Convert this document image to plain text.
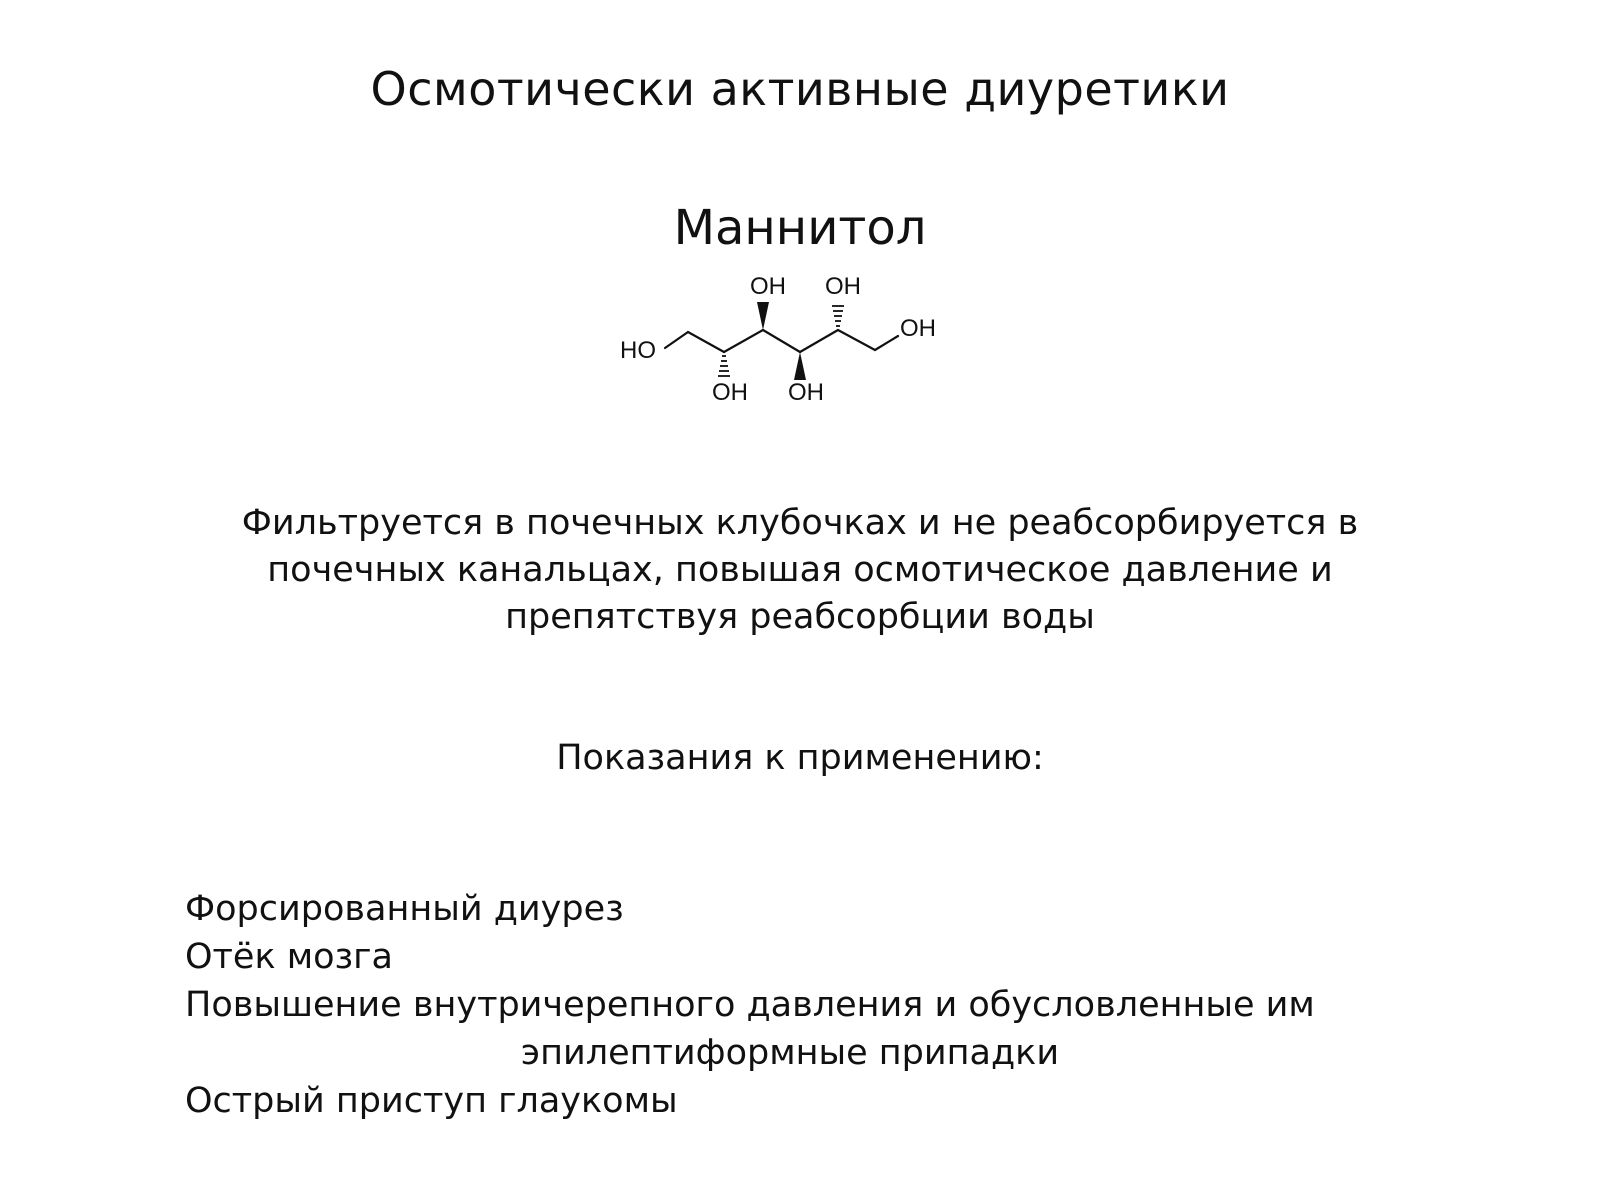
Осмотически активные диуретики
Маннитол
HO
OH OH
OH
OH OH
Фильтруется в почечных клубочках и не реабсорбируется в
почечных канальцах, повышая осмотическое давление и
препятствуя реабсорбции воды
Показания к применению:
Форсированный диурез
Отёк мозга
Повышение внутричерепного давления и обусловленные им
эпилептиформные припадки
Острый приступ глаукомы
